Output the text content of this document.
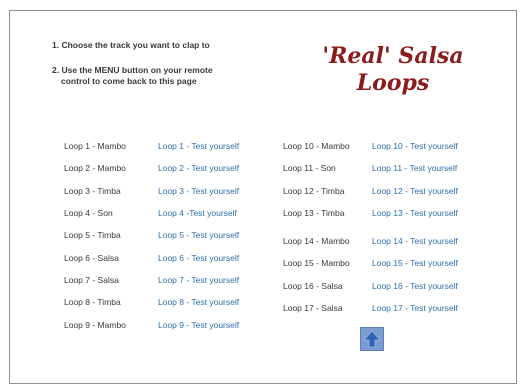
1. Choose the track you want to clap to
2. Use the MENU button on your remote
control to come back to this page
'Real' Salsa
Loops
Loop 1 - Mambo	Loop 1 - Test yourself
Loop 2 - Mambo	Loop 2 - Test yourself
Loop 3 - Timba	Loop 3 - Test yourself
Loop 4 - Son	Loop 4 -Test yourself
Loop 5 - Timba	Loop 5 - Test yourself
Loop 6 - Salsa	Loop 6 - Test yourself
Loop 7 - Salsa	Loop 7 - Test yourself
Loop 8 - Timba	Loop 8 - Test yourself
Loop 9 - Mambo	Loop 9 - Test yourself
Loop 10 - Mambo	Loop 10 - Test yourself
Loop 11 - Son	Loop 11 - Test yourself
Loop 12 - Timba	Loop 12 - Test yourself
Loop 13 - Timba	Loop 13 - Test yourself
Loop 14 - Mambo	Loop 14 - Test yourself
Loop 15 - Mambo	Loop 15 - Test yourself
Loop 16 - Salsa	Loop 16 - Test yourself
Loop 17 - Salsa	Loop 17 - Test yourself
